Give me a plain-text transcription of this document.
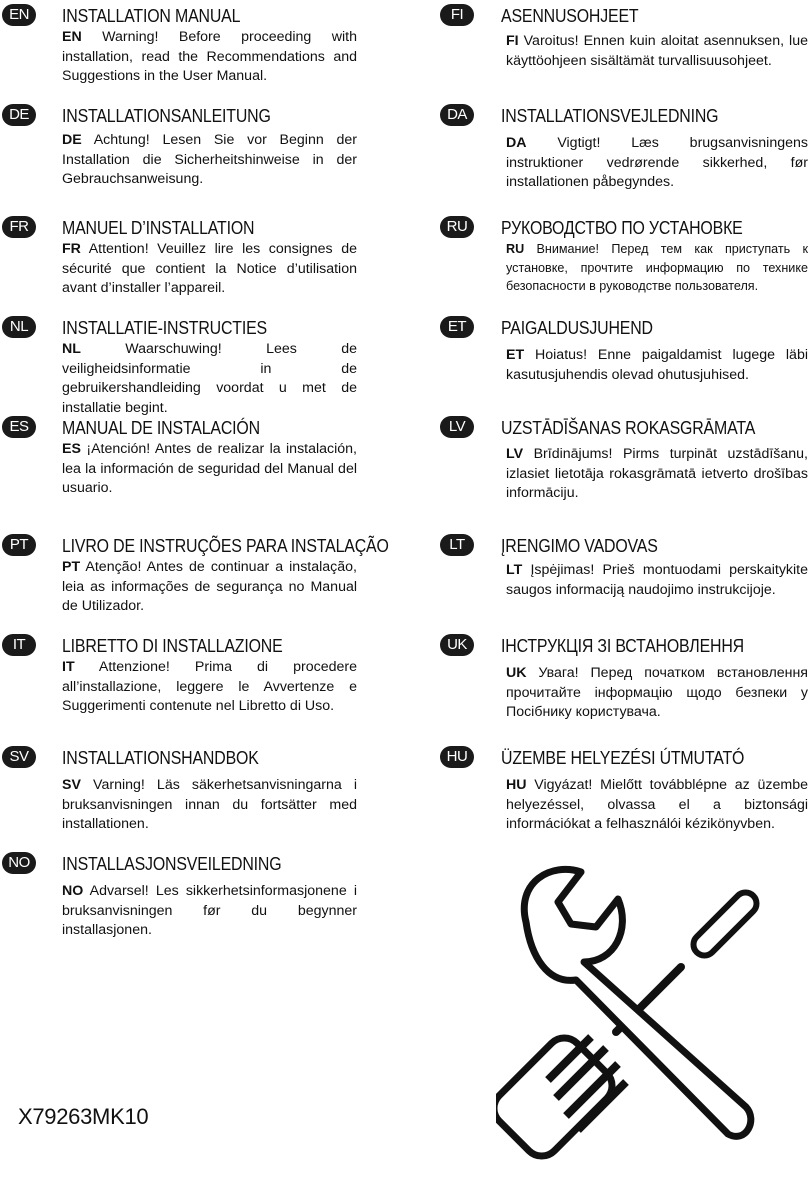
EN	INSTALLATION MANUAL
EN Warning! Before proceeding with installation, read the Recommendations and Suggestions in the User Manual.
DE	INSTALLATIONSANLEITUNG
DE Achtung! Lesen Sie vor Beginn der Installation die Sicherheitshinweise in der Gebrauchsanweisung.
FR	MANUEL D’INSTALLATION
FR Attention! Veuillez lire les consignes de sécurité que contient la Notice d’utilisation avant d’installer l’appareil.
NL	INSTALLATIE-INSTRUCTIES
NL	Waarschuwing! Lees de veiligheidsinformatie in de gebruikershandleiding voordat u met de installatie begint.
ES	MANUAL DE INSTALACIÓN
ES ¡Atención! Antes de realizar la instalación, lea la información de seguridad del Manual del usuario.
PT	LIVRO DE INSTRUÇÕES PARA INSTALAÇÃO
PT Atenção! Antes de continuar a instalação, leia as informações de segurança no Manual de Utilizador.
IT	LIBRETTO DI INSTALLAZIONE
IT Attenzione! Prima di procedere all’installazione, leggere le Avvertenze e Suggerimenti contenute nel Libretto di Uso.
SV	INSTALLATIONSHANDBOK
SV Varning! Läs säkerhetsanvisningarna i bruksanvisningen innan du fortsätter med installationen.
NO	INSTALLASJONSVEILEDNING
NO Advarsel! Les sikkerhetsinformasjonene i bruksanvisningen før du begynner installasjonen.
FI	ASENNUSOHJEET
FI Varoitus! Ennen kuin aloitat asennuksen, lue käyttöohjeen sisältämät turvallisuusohjeet.
DA	INSTALLATIONSVEJLEDNING
DA Vigtigt! Læs brugsanvisningens instruktioner vedrørende sikkerhed, før installationen påbegyndes.
RU	РУКОВОДСТВО ПО УСТАНОВКЕ
RU Внимание! Перед тем как приступать к установке, прочтите информацию по технике безопасности в руководстве пользователя.
ET	PAIGALDUSJUHEND
ET Hoiatus! Enne paigaldamist lugege läbi kasutusjuhendis olevad ohutusjuhised.
LV	UZSTĀDĪŠANAS ROKASGRĀMATA
LV Brīdinājums! Pirms turpināt uzstādīšanu, izlasiet lietotāja rokasgrāmatā ietverto drošības informāciju.
LT	ĮRENGIMO VADOVAS
LT Įspėjimas! Prieš montuodami perskaitykite saugos informaciją naudojimo instrukcijoje.
UK	ІНСТРУКЦІЯ ЗІ ВСТАНОВЛЕННЯ
UK Увага! Перед початком встановлення прочитайте інформацію щодо безпеки у Посібнику користувача.
HU	ÜZEMBE HELYEZÉSI ÚTMUTATÓ
HU Vigyázat! Mielőtt továbblépne az üzembe helyezéssel, olvassa el a biztonsági információkat a felhasználói kézikönyvben.
X79263MK10
